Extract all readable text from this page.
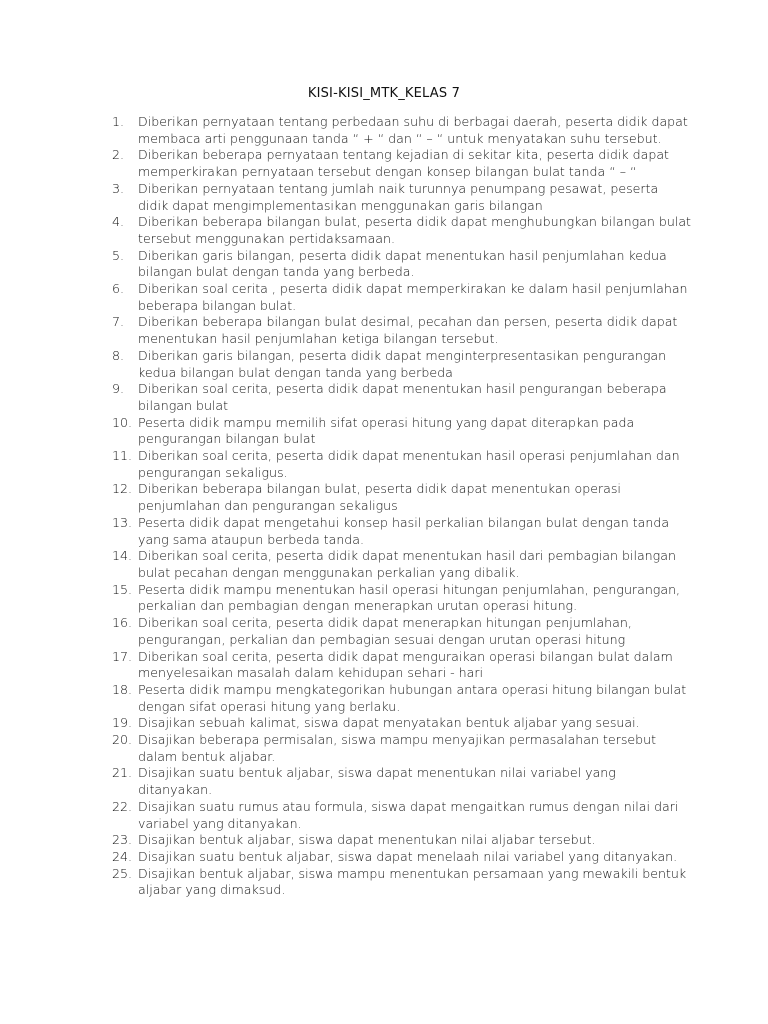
KISI-KISI_MTK_KELAS 7
1.	Diberikan pernyataan tentang perbedaan suhu di berbagai daerah, peserta didik dapat membaca arti penggunaan tanda “ + “ dan “ – “ untuk menyatakan suhu tersebut.
2.	Diberikan beberapa pernyataan tentang kejadian di sekitar kita, peserta didik dapat memperkirakan pernyataan tersebut dengan konsep bilangan bulat tanda “ – “
3.	Diberikan pernyataan tentang jumlah naik turunnya penumpang pesawat, peserta didik dapat mengimplementasikan menggunakan garis bilangan
4.	Diberikan beberapa bilangan bulat, peserta didik dapat menghubungkan bilangan bulat tersebut menggunakan pertidaksamaan.
5.	Diberikan garis bilangan, peserta didik dapat menentukan hasil penjumlahan kedua bilangan bulat dengan tanda yang berbeda.
6.	Diberikan soal cerita , peserta didik dapat memperkirakan ke dalam hasil penjumlahan beberapa bilangan bulat.
7.	Diberikan beberapa bilangan bulat desimal, pecahan dan persen, peserta didik dapat menentukan hasil penjumlahan ketiga bilangan tersebut.
8.	Diberikan garis bilangan, peserta didik dapat menginterpresentasikan pengurangan kedua bilangan bulat dengan tanda yang berbeda
9.	Diberikan soal cerita, peserta didik dapat menentukan hasil pengurangan beberapa bilangan bulat
10. Peserta didik mampu memilih sifat operasi hitung yang dapat diterapkan pada pengurangan bilangan bulat
11. Diberikan soal cerita, peserta didik dapat menentukan hasil operasi penjumlahan dan pengurangan sekaligus.
12. Diberikan beberapa bilangan bulat, peserta didik dapat menentukan operasi penjumlahan dan pengurangan sekaligus
13. Peserta didik dapat mengetahui konsep hasil perkalian bilangan bulat dengan tanda yang sama ataupun berbeda tanda.
14. Diberikan soal cerita, peserta didik dapat menentukan hasil dari pembagian bilangan bulat pecahan dengan menggunakan perkalian yang dibalik.
15. Peserta didik mampu menentukan hasil operasi hitungan penjumlahan, pengurangan, perkalian dan pembagian dengan menerapkan urutan operasi hitung.
16. Diberikan soal cerita, peserta didik dapat menerapkan hitungan penjumlahan, pengurangan, perkalian dan pembagian sesuai dengan urutan operasi hitung
17. Diberikan soal cerita, peserta didik dapat menguraikan operasi bilangan bulat dalam menyelesaikan masalah dalam kehidupan sehari - hari
18. Peserta didik mampu mengkategorikan hubungan antara operasi hitung bilangan bulat dengan sifat operasi hitung yang berlaku.
19. Disajikan sebuah kalimat, siswa dapat menyatakan bentuk aljabar yang sesuai.
20. Disajikan beberapa permisalan, siswa mampu menyajikan permasalahan tersebut dalam bentuk aljabar.
21. Disajikan suatu bentuk aljabar, siswa dapat menentukan nilai variabel yang ditanyakan.
22. Disajikan suatu rumus atau formula, siswa dapat mengaitkan rumus dengan nilai dari variabel yang ditanyakan.
23. Disajikan bentuk aljabar, siswa dapat menentukan nilai aljabar tersebut.
24. Disajikan suatu bentuk aljabar, siswa dapat menelaah nilai variabel yang ditanyakan.
25. Disajikan bentuk aljabar, siswa mampu menentukan persamaan yang mewakili bentuk aljabar yang dimaksud.
